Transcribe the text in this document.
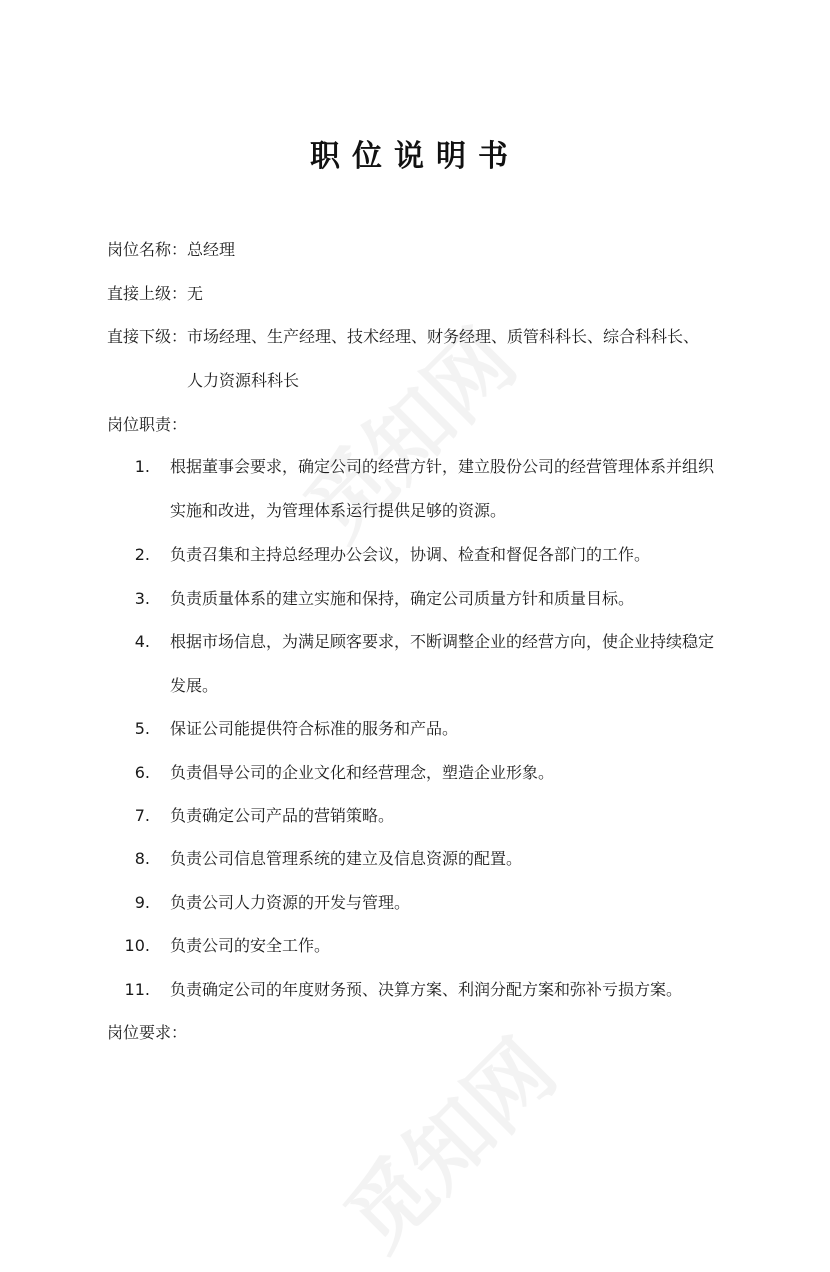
职位说明书
岗位名称：总经理
直接上级：无
直接下级：市场经理、生产经理、技术经理、财务经理、质管科科长、综合科科长、
人力资源科科长
岗位职责：
1. 根据董事会要求，确定公司的经营方针，建立股份公司的经营管理体系并组织
实施和改进，为管理体系运行提供足够的资源。
2. 负责召集和主持总经理办公会议，协调、检查和督促各部门的工作。
3. 负责质量体系的建立实施和保持，确定公司质量方针和质量目标。
4. 根据市场信息，为满足顾客要求，不断调整企业的经营方向，使企业持续稳定
发展。
5. 保证公司能提供符合标准的服务和产品。
6. 负责倡导公司的企业文化和经营理念，塑造企业形象。
7. 负责确定公司产品的营销策略。
8. 负责公司信息管理系统的建立及信息资源的配置。
9. 负责公司人力资源的开发与管理。
10. 负责公司的安全工作。
11. 负责确定公司的年度财务预、决算方案、利润分配方案和弥补亏损方案。
岗位要求：
